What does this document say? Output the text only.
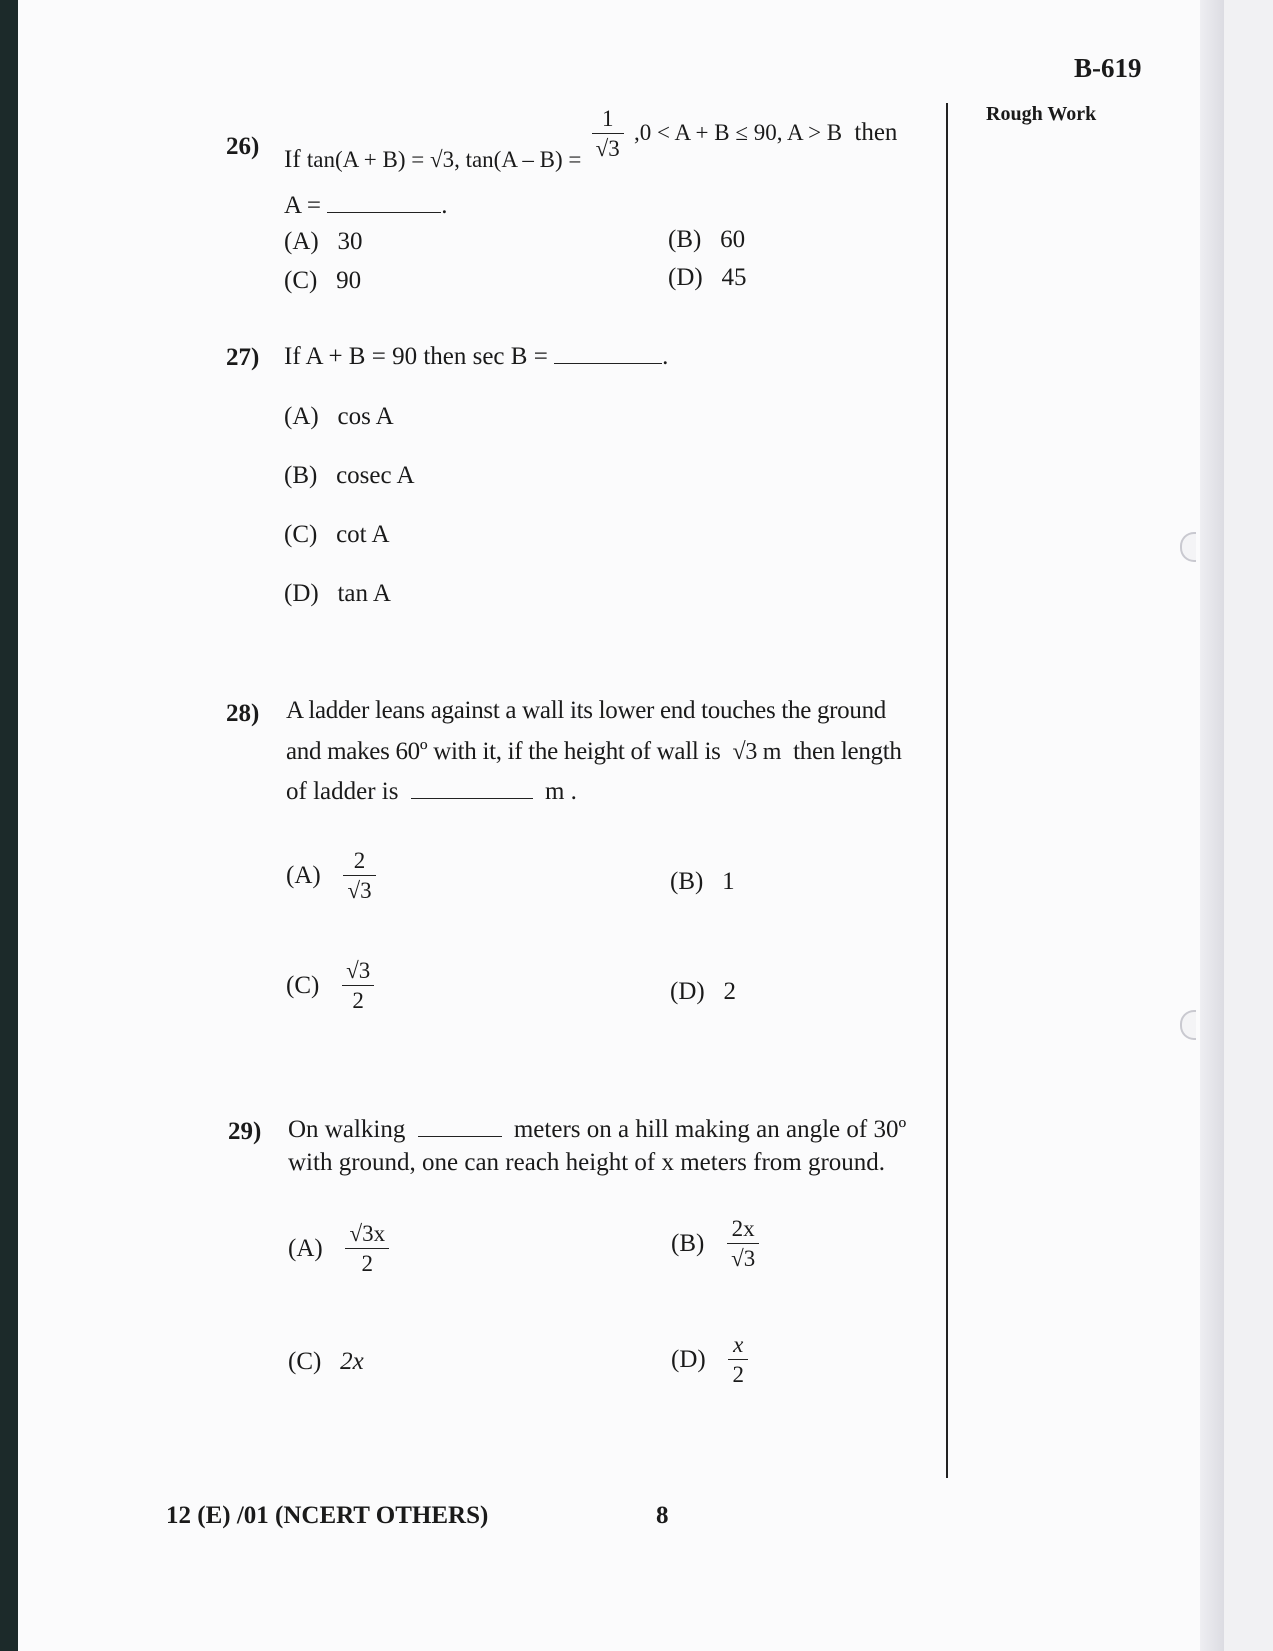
B-619
Rough Work
26) If tan(A + B) = √3, $\tan(A - B) = \frac{1}{√3} ,0 < A + B \le 90$, A > B then
A =	.
(A) 30	(B) 60
(C) 90	(D) 45
27) If A + B = 90 then sec B =	.
(A) cos A
(B) cosec A
(C) cot A
(D) tan A
28) A ladder leans against a wall its lower end touches the ground
and makes 60º with it, if the height of wall is √3 m then length
of ladder is	m .
$(A) \frac{2}{√3}$	(B) 1
$(C) \frac{√3}{2}$	(D) 2
29) On walking	meters on a hill making an angle of 30º
with ground, one can reach height of x meters from ground.
$(A) \frac{√3x}{2}$	$(B) \frac{2x}{√3}$
(C) 2x	$(D) \frac{x}{2}$
12 (E) /01 (NCERT OTHERS)	8
